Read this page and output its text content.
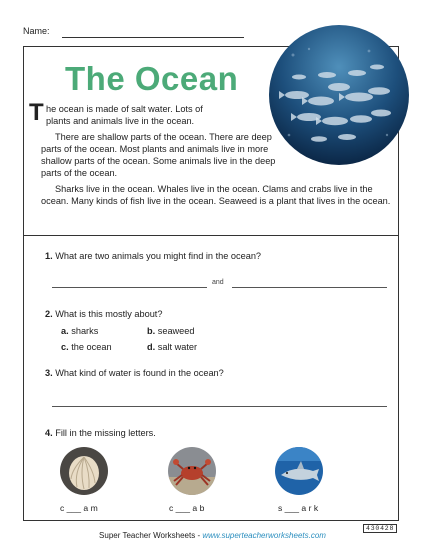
Name:
The Ocean
T he ocean is made of salt water. Lots of
plants and animals live in the ocean.
There are shallow parts of the ocean. There are deep parts of the ocean. Most plants and animals live in more shallow parts of the ocean. Some animals live in the deep parts of the ocean.
Sharks live in the ocean. Whales live in the ocean. Clams and crabs live in the ocean. Many kinds of fish live in the ocean. Seaweed is a plant that lives in the ocean.
1. What are two animals you might find in the ocean?
and
2. What is this mostly about?
a. sharks	b. seaweed
c. the ocean	d. salt water
3. What kind of water is found in the ocean?
4. Fill in the missing letters.
c ___ a m	c ___ a b	s ___ a r k
430428
Super Teacher Worksheets - www.superteacherworksheets.com
